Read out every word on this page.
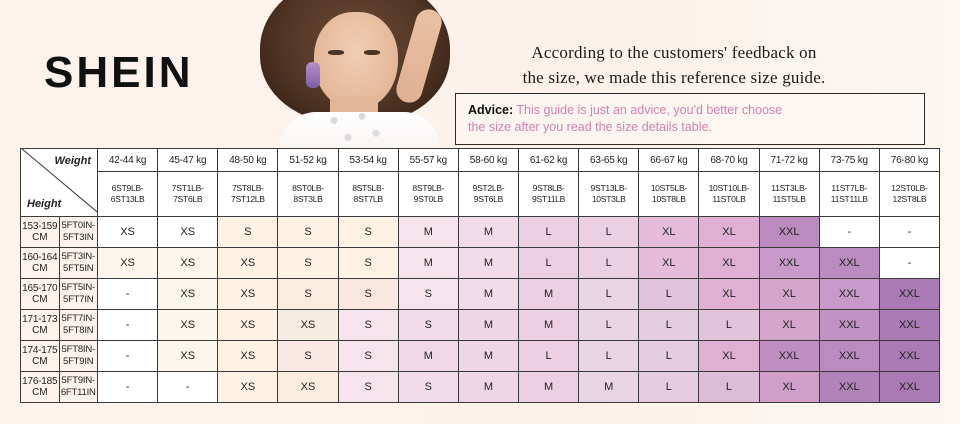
SHEIN	According to the customers' feedback on
the size, we made this reference size guide.
Advice: This guide is just an advice, you'd better choose
the size after you read the size details table.
Weight
Height		42-44 kg	45-47 kg	48-50 kg	51-52 kg	53-54 kg	55-57 kg	58-60 kg	61-62 kg	63-65 kg	66-67 kg	68-70 kg	71-72 kg	73-75 kg	76-80 kg
		6ST9LB-6ST13LB	7ST1LB-7ST6LB	7ST8LB-7ST12LB	8ST0LB-8ST3LB	8ST5LB-8ST7LB	8ST9LB-9ST0LB	9ST2LB-9ST6LB	9ST8LB-9ST11LB	9ST13LB-10ST3LB	10ST5LB-10ST8LB	10ST10LB-11ST0LB	11ST3LB-11ST5LB	11ST7LB-11ST11LB	12ST0LB-12ST8LB
153-159 CM	5FT0IN-
5FT3IN	XS	XS	S	S	S	M	M	L	L	XL	XL	XXL	-	-
160-164 CM	5FT3IN-
5FT5IN	XS	XS	XS	S	S	M	M	L	L	XL	XL	XXL	XXL	-
165-170 CM	5FT5IN-
5FT7IN	-	XS	XS	S	S	S	M	M	L	L	XL	XL	XXL	XXL
171-173 CM	5FT7IN-
5FT8IN	-	XS	XS	XS	S	S	M	M	L	L	L	XL	XXL	XXL
174-175 CM	5FT8IN-
5FT9IN	-	XS	XS	S	S	M	M	L	L	L	XL	XXL	XXL	XXL
176-185 CM	5FT9IN-
6FT11IN	-	-	XS	XS	S	S	M	M	M	L	L	XL	XXL	XXL
